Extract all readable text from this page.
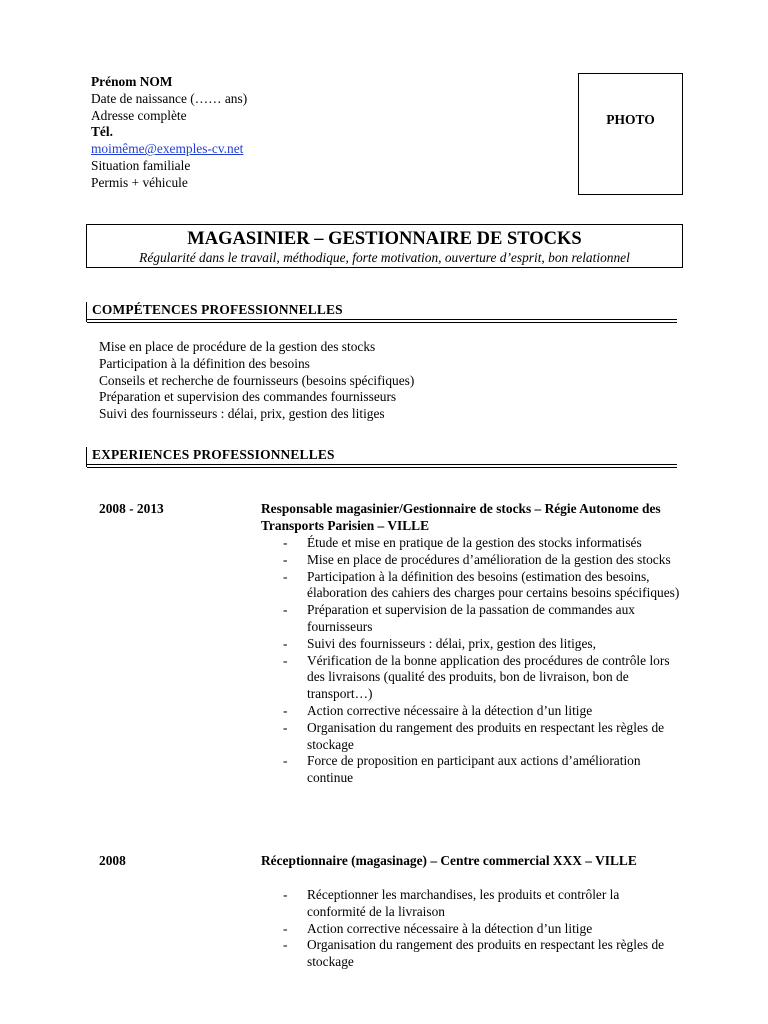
Prénom NOM
Date de naissance (…… ans)
Adresse complète
Tél.
moimême@exemples-cv.net
Situation familiale
Permis + véhicule
PHOTO
MAGASINIER – GESTIONNAIRE DE STOCKS
Régularité dans le travail, méthodique, forte motivation, ouverture d’esprit, bon relationnel
COMPÉTENCES PROFESSIONNELLES
Mise en place de procédure de la gestion des stocks
Participation à la définition des besoins
Conseils et recherche de fournisseurs (besoins spécifiques)
Préparation et supervision des commandes fournisseurs
Suivi des fournisseurs : délai, prix, gestion des litiges
EXPERIENCES PROFESSIONNELLES
2008 - 2013	Responsable magasinier/Gestionnaire de stocks – Régie Autonome des Transports Parisien – VILLE
- Étude et mise en pratique de la gestion des stocks informatisés
- Mise en place de procédures d’amélioration de la gestion des stocks
- Participation à la définition des besoins (estimation des besoins, élaboration des cahiers des charges pour certains besoins spécifiques)
- Préparation et supervision de la passation de commandes aux fournisseurs
- Suivi des fournisseurs : délai, prix, gestion des litiges,
- Vérification de la bonne application des procédures de contrôle lors des livraisons (qualité des produits, bon de livraison, bon de transport…)
- Action corrective nécessaire à la détection d’un litige
- Organisation du rangement des produits en respectant les règles de stockage
- Force de proposition en participant aux actions d’amélioration continue
2008	Réceptionnaire (magasinage) – Centre commercial XXX – VILLE
- Réceptionner les marchandises, les produits et contrôler la conformité de la livraison
- Action corrective nécessaire à la détection d’un litige
- Organisation du rangement des produits en respectant les règles de stockage
